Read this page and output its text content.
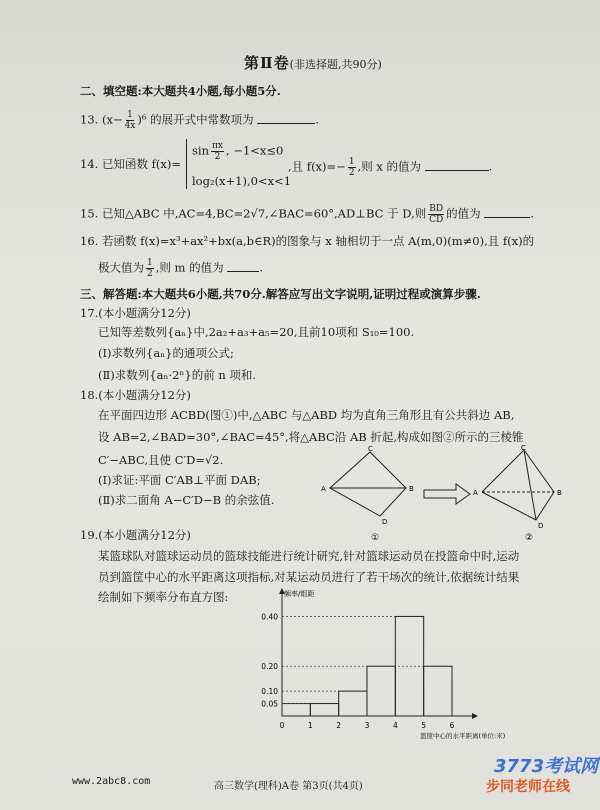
第Ⅱ卷(非选择题,共90分)
二、填空题:本大题共4小题,每小题5分.
13. $(x- \frac{1}{4x} )^6$ 的展开式中常数项为	.
14. 已知函数 f(x)=
$\sin \frac{\pi x}{2}$ , −1<x≤0
log₂(x+1),0<x<1
,且 $f(x)=- \frac{1}{2}$ ,则 x 的值为	.
15. 已知△ABC 中,AC=4,BC=2√7,∠BAC=60°,AD⊥BC 于 D,则 $\frac{BD}{CD}$ 的值为	.
16. 若函数 f(x)=x³+ax²+bx(a,b∈R)的图象与 x 轴相切于一点 A(m,0)(m≠0),且 f(x)的
极大值为 $\frac{1}{2}$ ,则 m 的值为	.
三、解答题:本大题共6小题,共70分.解答应写出文字说明,证明过程或演算步骤.
17.(本小题满分12分)
已知等差数列{aₙ}中,2a₂+a₃+a₅=20,且前10项和 S₁₀=100.
(Ⅰ)求数列{aₙ}的通项公式;
(Ⅱ)求数列{aₙ·2ⁿ}的前 n 项和.
18.(本小题满分12分)
在平面四边形 ACBD(图①)中,△ABC 与△ABD 均为直角三角形且有公共斜边 AB,
设 AB=2,∠BAD=30°,∠BAC=45°,将△ABC沿 AB 折起,构成如图②所示的三棱锥
C′−ABC,且使 C′D=√2.
(Ⅰ)求证:平面 C′AB⊥平面 DAB;
(Ⅱ)求二面角 A−C′D−B 的余弦值.
C
A	B
D
①
C
A	B
D
②
19.(本小题满分12分)
某篮球队对篮球运动员的篮球技能进行统计研究,针对篮球运动员在投篮命中时,运动
员到篮筐中心的水平距离这项指标,对某运动员进行了若干场次的统计,依据统计结果
绘制如下频率分布直方图:
0.05
0.10
0.20
0.40
0	1	2	3	4	5	6
频率/组距
篮筐中心的水平距离(单位:米)
www.2abc8.com	高三数学(理科)A卷 第3页(共4页)
3773考试网
步同老师在线
